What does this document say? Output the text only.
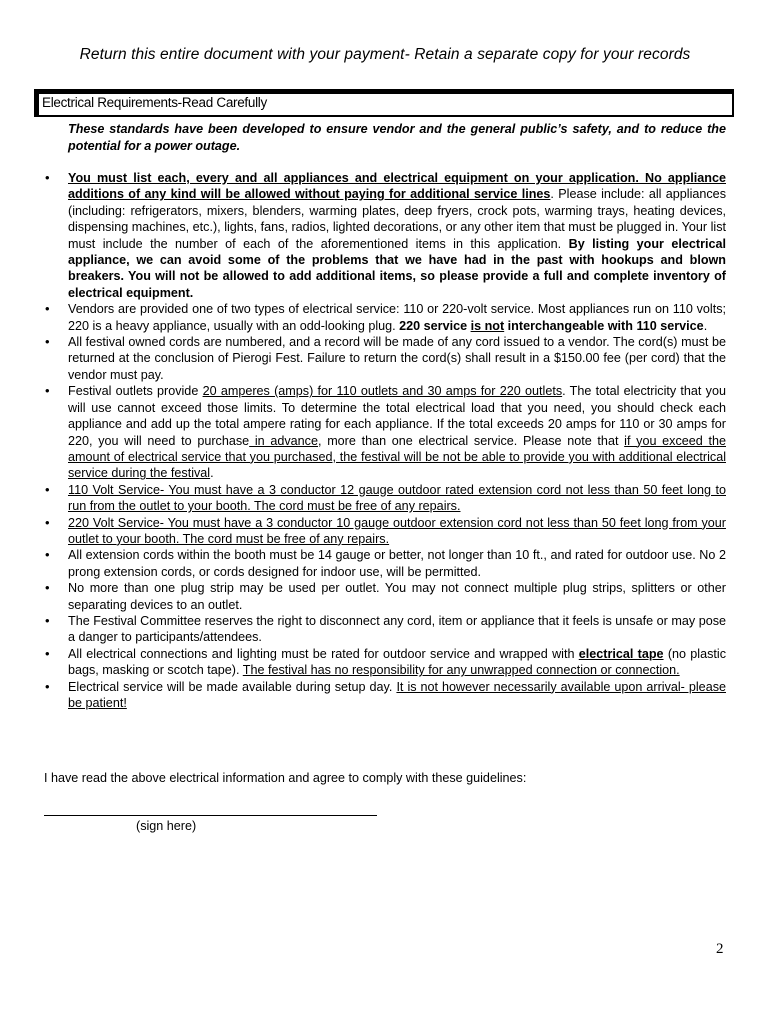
Return this entire document with your payment- Retain a separate copy for your records
Electrical Requirements-Read Carefully
These standards have been developed to ensure vendor and the general public’s safety, and to reduce the potential for a power outage.
• You must list each, every and all appliances and electrical equipment on your application. No appliance additions of any kind will be allowed without paying for additional service lines. Please include: all appliances (including: refrigerators, mixers, blenders, warming plates, deep fryers, crock pots, warming trays, heating devices, dispensing machines, etc.), lights, fans, radios, lighted decorations, or any other item that must be plugged in. Your list must include the number of each of the aforementioned items in this application. By listing your electrical appliance, we can avoid some of the problems that we have had in the past with hookups and blown breakers. You will not be allowed to add additional items, so please provide a full and complete inventory of electrical equipment.
• Vendors are provided one of two types of electrical service: 110 or 220-volt service. Most appliances run on 110 volts; 220 is a heavy appliance, usually with an odd-looking plug. 220 service is not interchangeable with 110 service.
• All festival owned cords are numbered, and a record will be made of any cord issued to a vendor. The cord(s) must be returned at the conclusion of Pierogi Fest. Failure to return the cord(s) shall result in a $150.00 fee (per cord) that the vendor must pay.
• Festival outlets provide 20 amperes (amps) for 110 outlets and 30 amps for 220 outlets. The total electricity that you will use cannot exceed those limits. To determine the total electrical load that you need, you should check each appliance and add up the total ampere rating for each appliance. If the total exceeds 20 amps for 110 or 30 amps for 220, you will need to purchase in advance, more than one electrical service. Please note that if you exceed the amount of electrical service that you purchased, the festival will be not be able to provide you with additional electrical service during the festival.
• 110 Volt Service- You must have a 3 conductor 12 gauge outdoor rated extension cord not less than 50 feet long to run from the outlet to your booth. The cord must be free of any repairs.
• 220 Volt Service- You must have a 3 conductor 10 gauge outdoor extension cord not less than 50 feet long from your outlet to your booth. The cord must be free of any repairs.
• All extension cords within the booth must be 14 gauge or better, not longer than 10 ft., and rated for outdoor use. No 2 prong extension cords, or cords designed for indoor use, will be permitted.
• No more than one plug strip may be used per outlet. You may not connect multiple plug strips, splitters or other separating devices to an outlet.
• The Festival Committee reserves the right to disconnect any cord, item or appliance that it feels is unsafe or may pose a danger to participants/attendees.
• All electrical connections and lighting must be rated for outdoor service and wrapped with electrical tape (no plastic bags, masking or scotch tape). The festival has no responsibility for any unwrapped connection or connection.
• Electrical service will be made available during setup day. It is not however necessarily available upon arrival- please be patient!
I have read the above electrical information and agree to comply with these guidelines:
(sign here)
2
